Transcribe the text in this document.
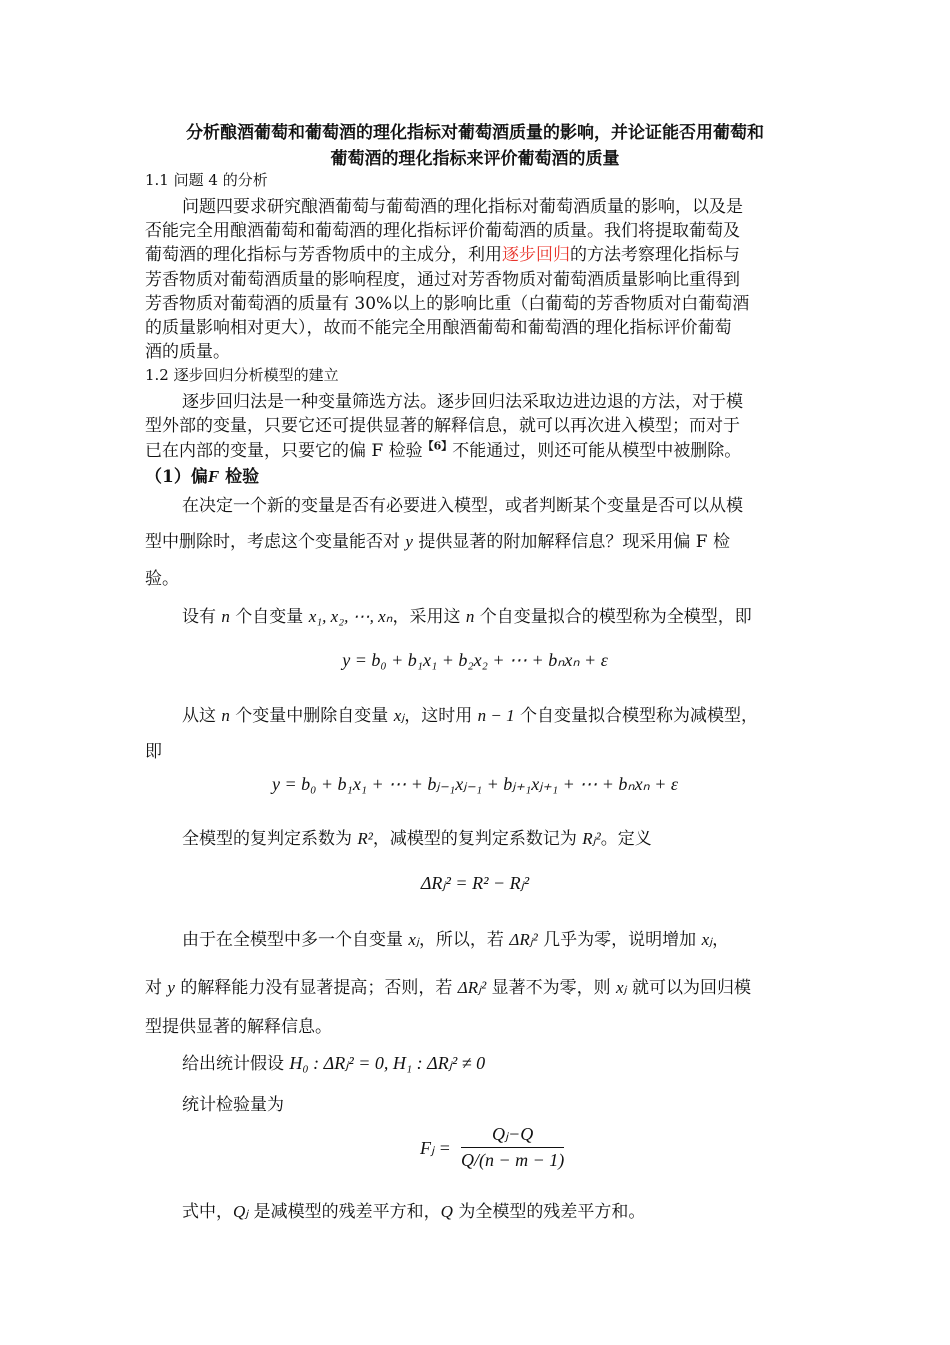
分析酿酒葡萄和葡萄酒的理化指标对葡萄酒质量的影响，并论证能否用葡萄和
葡萄酒的理化指标来评价葡萄酒的质量
1.1 问题 4 的分析
问题四要求研究酿酒葡萄与葡萄酒的理化指标对葡萄酒质量的影响，以及是
否能完全用酿酒葡萄和葡萄酒的理化指标评价葡萄酒的质量。我们将提取葡萄及
葡萄酒的理化指标与芳香物质中的主成分，利用逐步回归的方法考察理化指标与
芳香物质对葡萄酒质量的影响程度，通过对芳香物质对葡萄酒质量影响比重得到
芳香物质对葡萄酒的质量有 30%以上的影响比重（白葡萄的芳香物质对白葡萄酒
的质量影响相对更大），故而不能完全用酿酒葡萄和葡萄酒的理化指标评价葡萄
酒的质量。
1.2 逐步回归分析模型的建立
逐步回归法是一种变量筛选方法。逐步回归法采取边进边退的方法，对于模
型外部的变量，只要它还可提供显著的解释信息，就可以再次进入模型；而对于
已在内部的变量，只要它的偏 F 检验$^{【6】}$不能通过，则还可能从模型中被删除。
（1）偏F 检验
在决定一个新的变量是否有必要进入模型，或者判断某个变量是否可以从模
型中删除时，考虑这个变量能否对 y 提供显著的附加解释信息？现采用偏 F 检
验。
设有 n 个自变量 x₁, x₂, ⋯, xₙ，采用这 n 个自变量拟合的模型称为全模型，即
y = b₀ + b₁x₁ + b₂x₂ + ⋯ + bₙxₙ + ε
从这 n 个变量中删除自变量 xⱼ，这时用 n − 1 个自变量拟合模型称为减模型，
即
y = b₀ + b₁x₁ + ⋯ + bⱼ₋₁xⱼ₋₁ + bⱼ₊₁xⱼ₊₁ + ⋯ + bₙxₙ + ε
全模型的复判定系数为 R²，减模型的复判定系数记为 Rⱼ²。定义
ΔRⱼ² = R² − Rⱼ²
由于在全模型中多一个自变量 xⱼ，所以，若 ΔRⱼ² 几乎为零，说明增加 xⱼ，
对 y 的解释能力没有显著提高；否则，若 ΔRⱼ² 显著不为零，则 xⱼ 就可以为回归模
型提供显著的解释信息。
给出统计假设 H₀ : ΔRⱼ² = 0, H₁ : ΔRⱼ² ≠ 0
统计检验量为
Fⱼ = $\frac{\text{Qⱼ−Q}}{Q/(n - m - 1)}$
式中，Qⱼ 是减模型的残差平方和，Q 为全模型的残差平方和。
